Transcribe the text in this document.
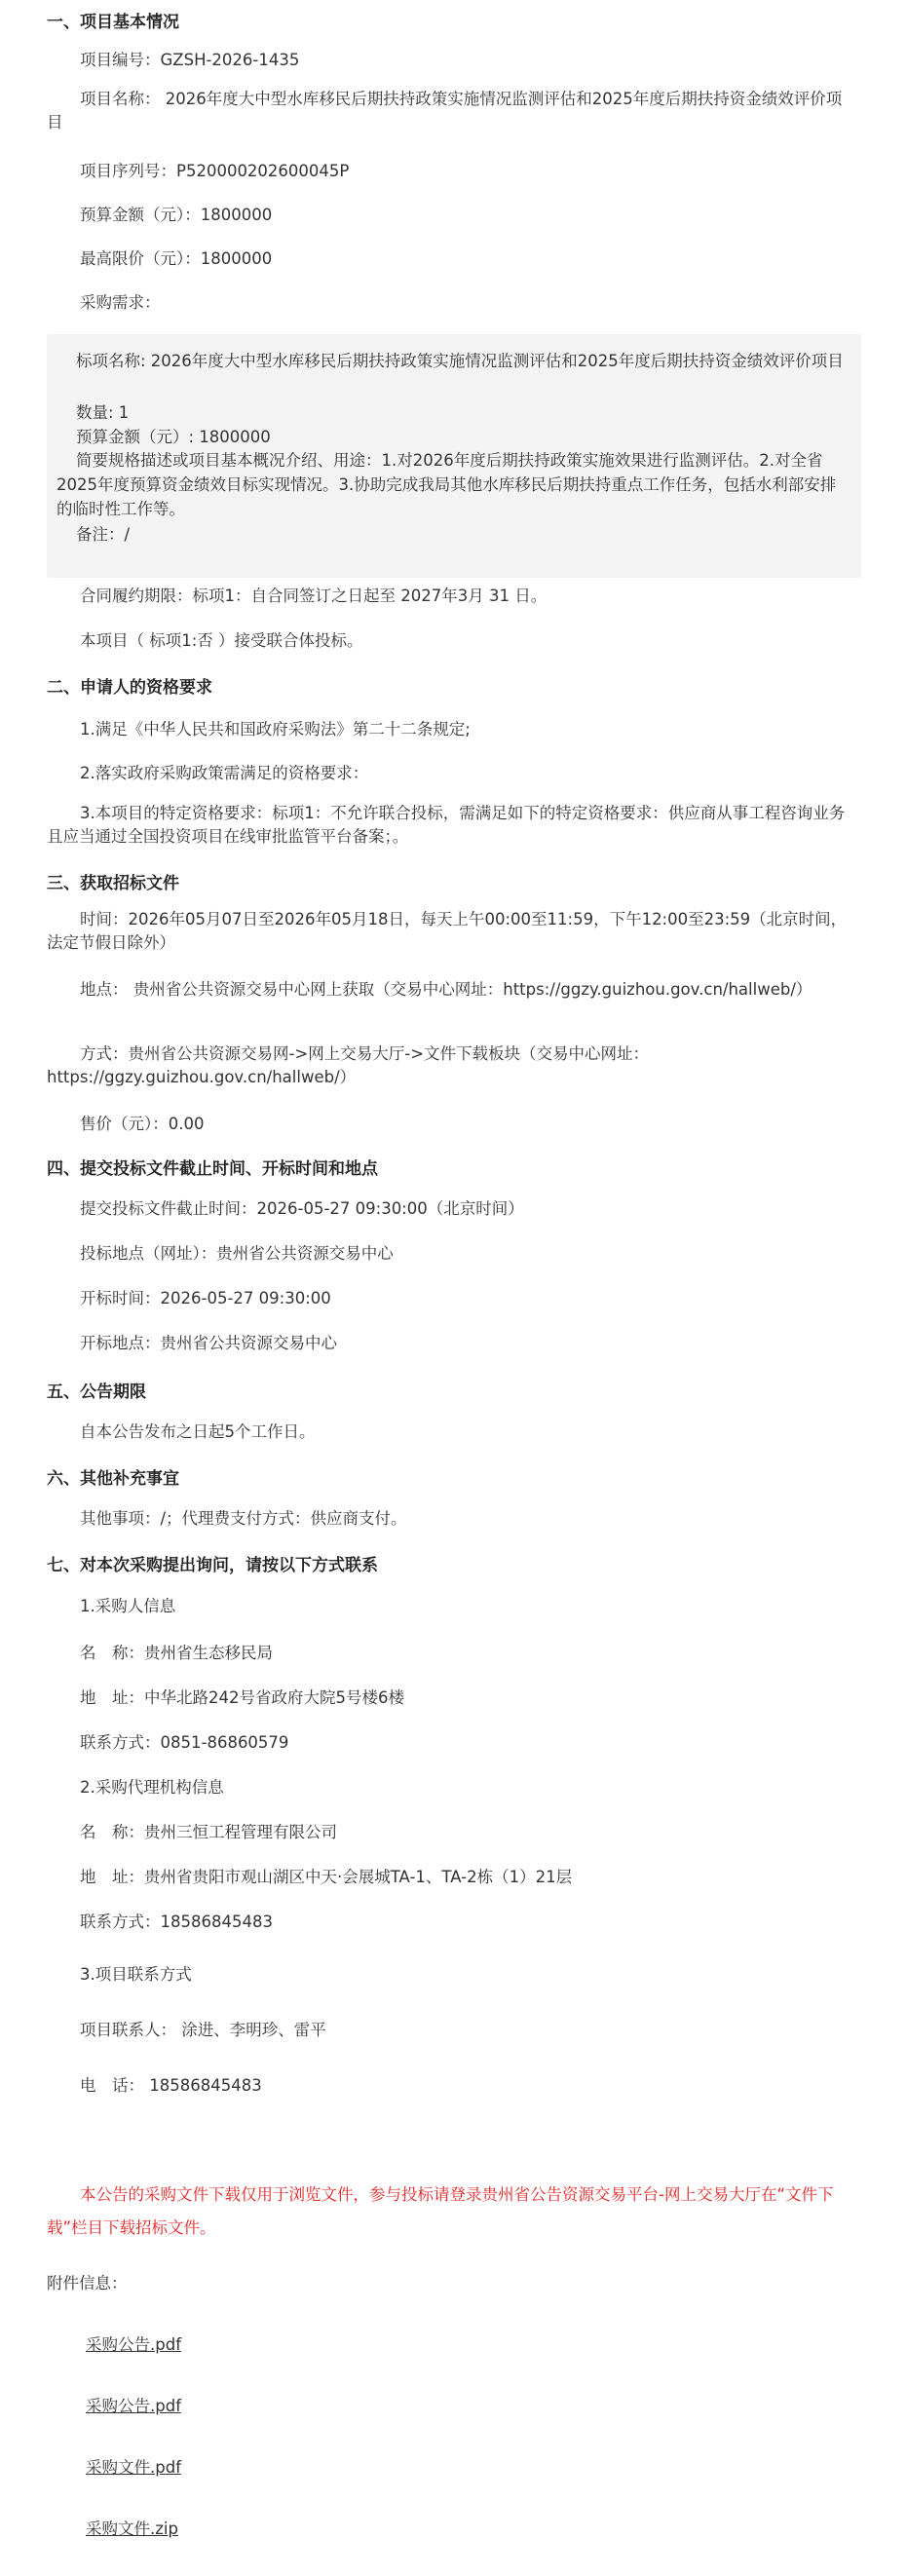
一、项目基本情况
项目编号：GZSH-2026-1435
项目名称： 2026年度大中型水库移民后期扶持政策实施情况监测评估和2025年度后期扶持资金绩效评价项目
项目序列号：P520000202600045P
预算金额（元）：1800000
最高限价（元）：1800000
采购需求：
标项名称: 2026年度大中型水库移民后期扶持政策实施情况监测评估和2025年度后期扶持资金绩效评价项目
数量: 1
预算金额（元）: 1800000
简要规格描述或项目基本概况介绍、用途：1.对2026年度后期扶持政策实施效果进行监测评估。2.对全省2025年度预算资金绩效目标实现情况。3.协助完成我局其他水库移民后期扶持重点工作任务，包括水利部安排的临时性工作等。
备注：/
合同履约期限：标项1：自合同签订之日起至 2027年3月 31 日。
本项目（ 标项1:否 ）接受联合体投标。
二、申请人的资格要求
1.满足《中华人民共和国政府采购法》第二十二条规定;
2.落实政府采购政策需满足的资格要求：
3.本项目的特定资格要求：标项1：不允许联合投标，需满足如下的特定资格要求：供应商从事工程咨询业务且应当通过全国投资项目在线审批监管平台备案；。
三、获取招标文件
时间：2026年05月07日至2026年05月18日，每天上午00:00至11:59，下午12:00至23:59（北京时间，法定节假日除外）
地点： 贵州省公共资源交易中心网上获取（交易中心网址：https://ggzy.guizhou.gov.cn/hallweb/）
方式：贵州省公共资源交易网->网上交易大厅->文件下载板块（交易中心网址：https://ggzy.guizhou.gov.cn/hallweb/）
售价（元）：0.00
四、提交投标文件截止时间、开标时间和地点
提交投标文件截止时间：2026-05-27 09:30:00（北京时间）
投标地点（网址）：贵州省公共资源交易中心
开标时间：2026-05-27 09:30:00
开标地点：贵州省公共资源交易中心
五、公告期限
自本公告发布之日起5个工作日。
六、其他补充事宜
其他事项：/；代理费支付方式：供应商支付。
七、对本次采购提出询问，请按以下方式联系
1.采购人信息
名　称：贵州省生态移民局
地　址：中华北路242号省政府大院5号楼6楼
联系方式：0851-86860579
2.采购代理机构信息
名　称：贵州三恒工程管理有限公司
地　址：贵州省贵阳市观山湖区中天·会展城TA-1、TA-2栋（1）21层
联系方式：18586845483
3.项目联系方式
项目联系人： 涂进、李明珍、雷平
电　话： 18586845483
本公告的采购文件下载仅用于浏览文件，参与投标请登录贵州省公告资源交易平台-网上交易大厅在“文件下载”栏目下载招标文件。
附件信息：
采购公告.pdf
采购公告.pdf
采购文件.pdf
采购文件.zip
